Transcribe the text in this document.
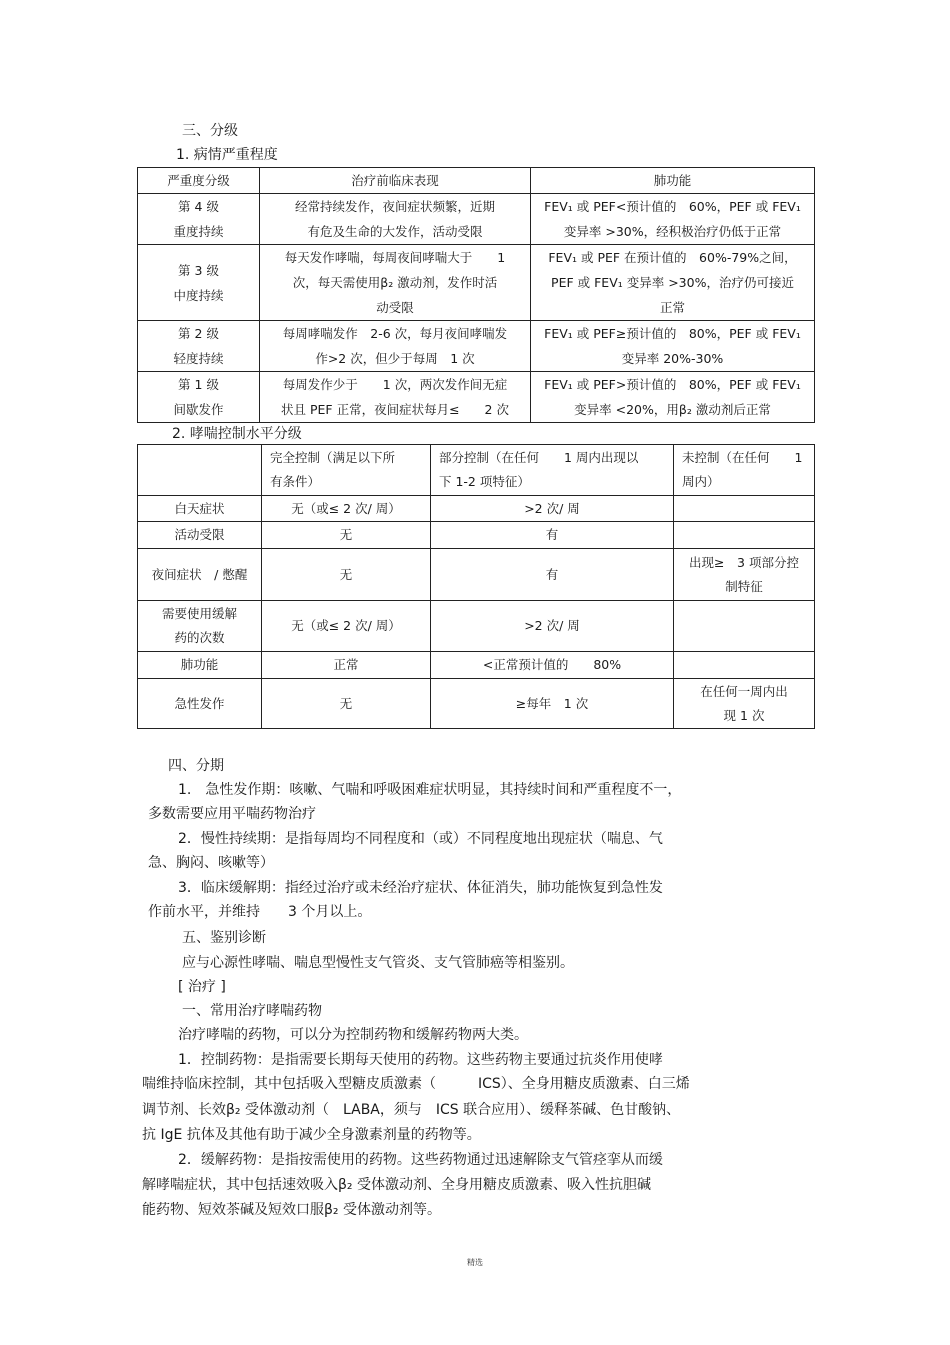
三、分级
1. 病情严重程度
严重度分级	治疗前临床表现	肺功能
第 4 级
重度持续	经常持续发作，夜间症状频繁，近期
有危及生命的大发作，活动受限	FEV₁ 或 PEF<预计值的　60%，PEF 或 FEV₁
变异率 >30%，经积极治疗仍低于正常
第 3 级
中度持续	每天发作哮喘，每周夜间哮喘大于　　1
次，每天需使用β₂ 激动剂，发作时活
动受限	FEV₁ 或 PEF 在预计值的　60%-79%之间，
PEF 或 FEV₁ 变异率 >30%，治疗仍可接近
正常
第 2 级
轻度持续	每周哮喘发作　2-6 次，每月夜间哮喘发
作>2 次，但少于每周　1 次	FEV₁ 或 PEF≥预计值的　80%，PEF 或 FEV₁
变异率 20%-30%
第 1 级
间歇发作	每周发作少于　　1 次，两次发作间无症
状且 PEF 正常，夜间症状每月≤　　2 次	FEV₁ 或 PEF>预计值的　80%，PEF 或 FEV₁
变异率 <20%，用β₂ 激动剂后正常
2. 哮喘控制水平分级
	完全控制（满足以下所
有条件）	部分控制（在任何　　1 周内出现以
下 1-2 项特征）	未控制（在任何　　1
周内）
白天症状	无（或≤ 2 次/ 周）	>2 次/ 周	
活动受限	无	有	
夜间症状　/ 憋醒	无	有	出现≥　3 项部分控
制特征
需要使用缓解
药的次数	无（或≤ 2 次/ 周）	>2 次/ 周	
肺功能	正常	<正常预计值的　　80%	
急性发作	无	≥每年　1 次	在任何一周内出
现 1 次
四、分期
1.　急性发作期：咳嗽、气喘和呼吸困难症状明显，其持续时间和严重程度不一，
多数需要应用平喘药物治疗
2．慢性持续期：是指每周均不同程度和（或）不同程度地出现症状（喘息、气
急、胸闷、咳嗽等）
3．临床缓解期：指经过治疗或未经治疗症状、体征消失，肺功能恢复到急性发
作前水平，并维持　　3 个月以上。
五、鉴别诊断
应与心源性哮喘、喘息型慢性支气管炎、支气管肺癌等相鉴别。
[ 治疗 ]
一、常用治疗哮喘药物
治疗哮喘的药物，可以分为控制药物和缓解药物两大类。
1．控制药物：是指需要长期每天使用的药物。这些药物主要通过抗炎作用使哮
喘维持临床控制，其中包括吸入型糖皮质激素（　　　ICS）、全身用糖皮质激素、白三烯
调节剂、长效β₂ 受体激动剂（　LABA，须与　ICS 联合应用）、缓释茶碱、色甘酸钠、
抗 IgE 抗体及其他有助于减少全身激素剂量的药物等。
2．缓解药物：是指按需使用的药物。这些药物通过迅速解除支气管痉挛从而缓
解哮喘症状，其中包括速效吸入β₂ 受体激动剂、全身用糖皮质激素、吸入性抗胆碱
能药物、短效茶碱及短效口服β₂ 受体激动剂等。
精选
